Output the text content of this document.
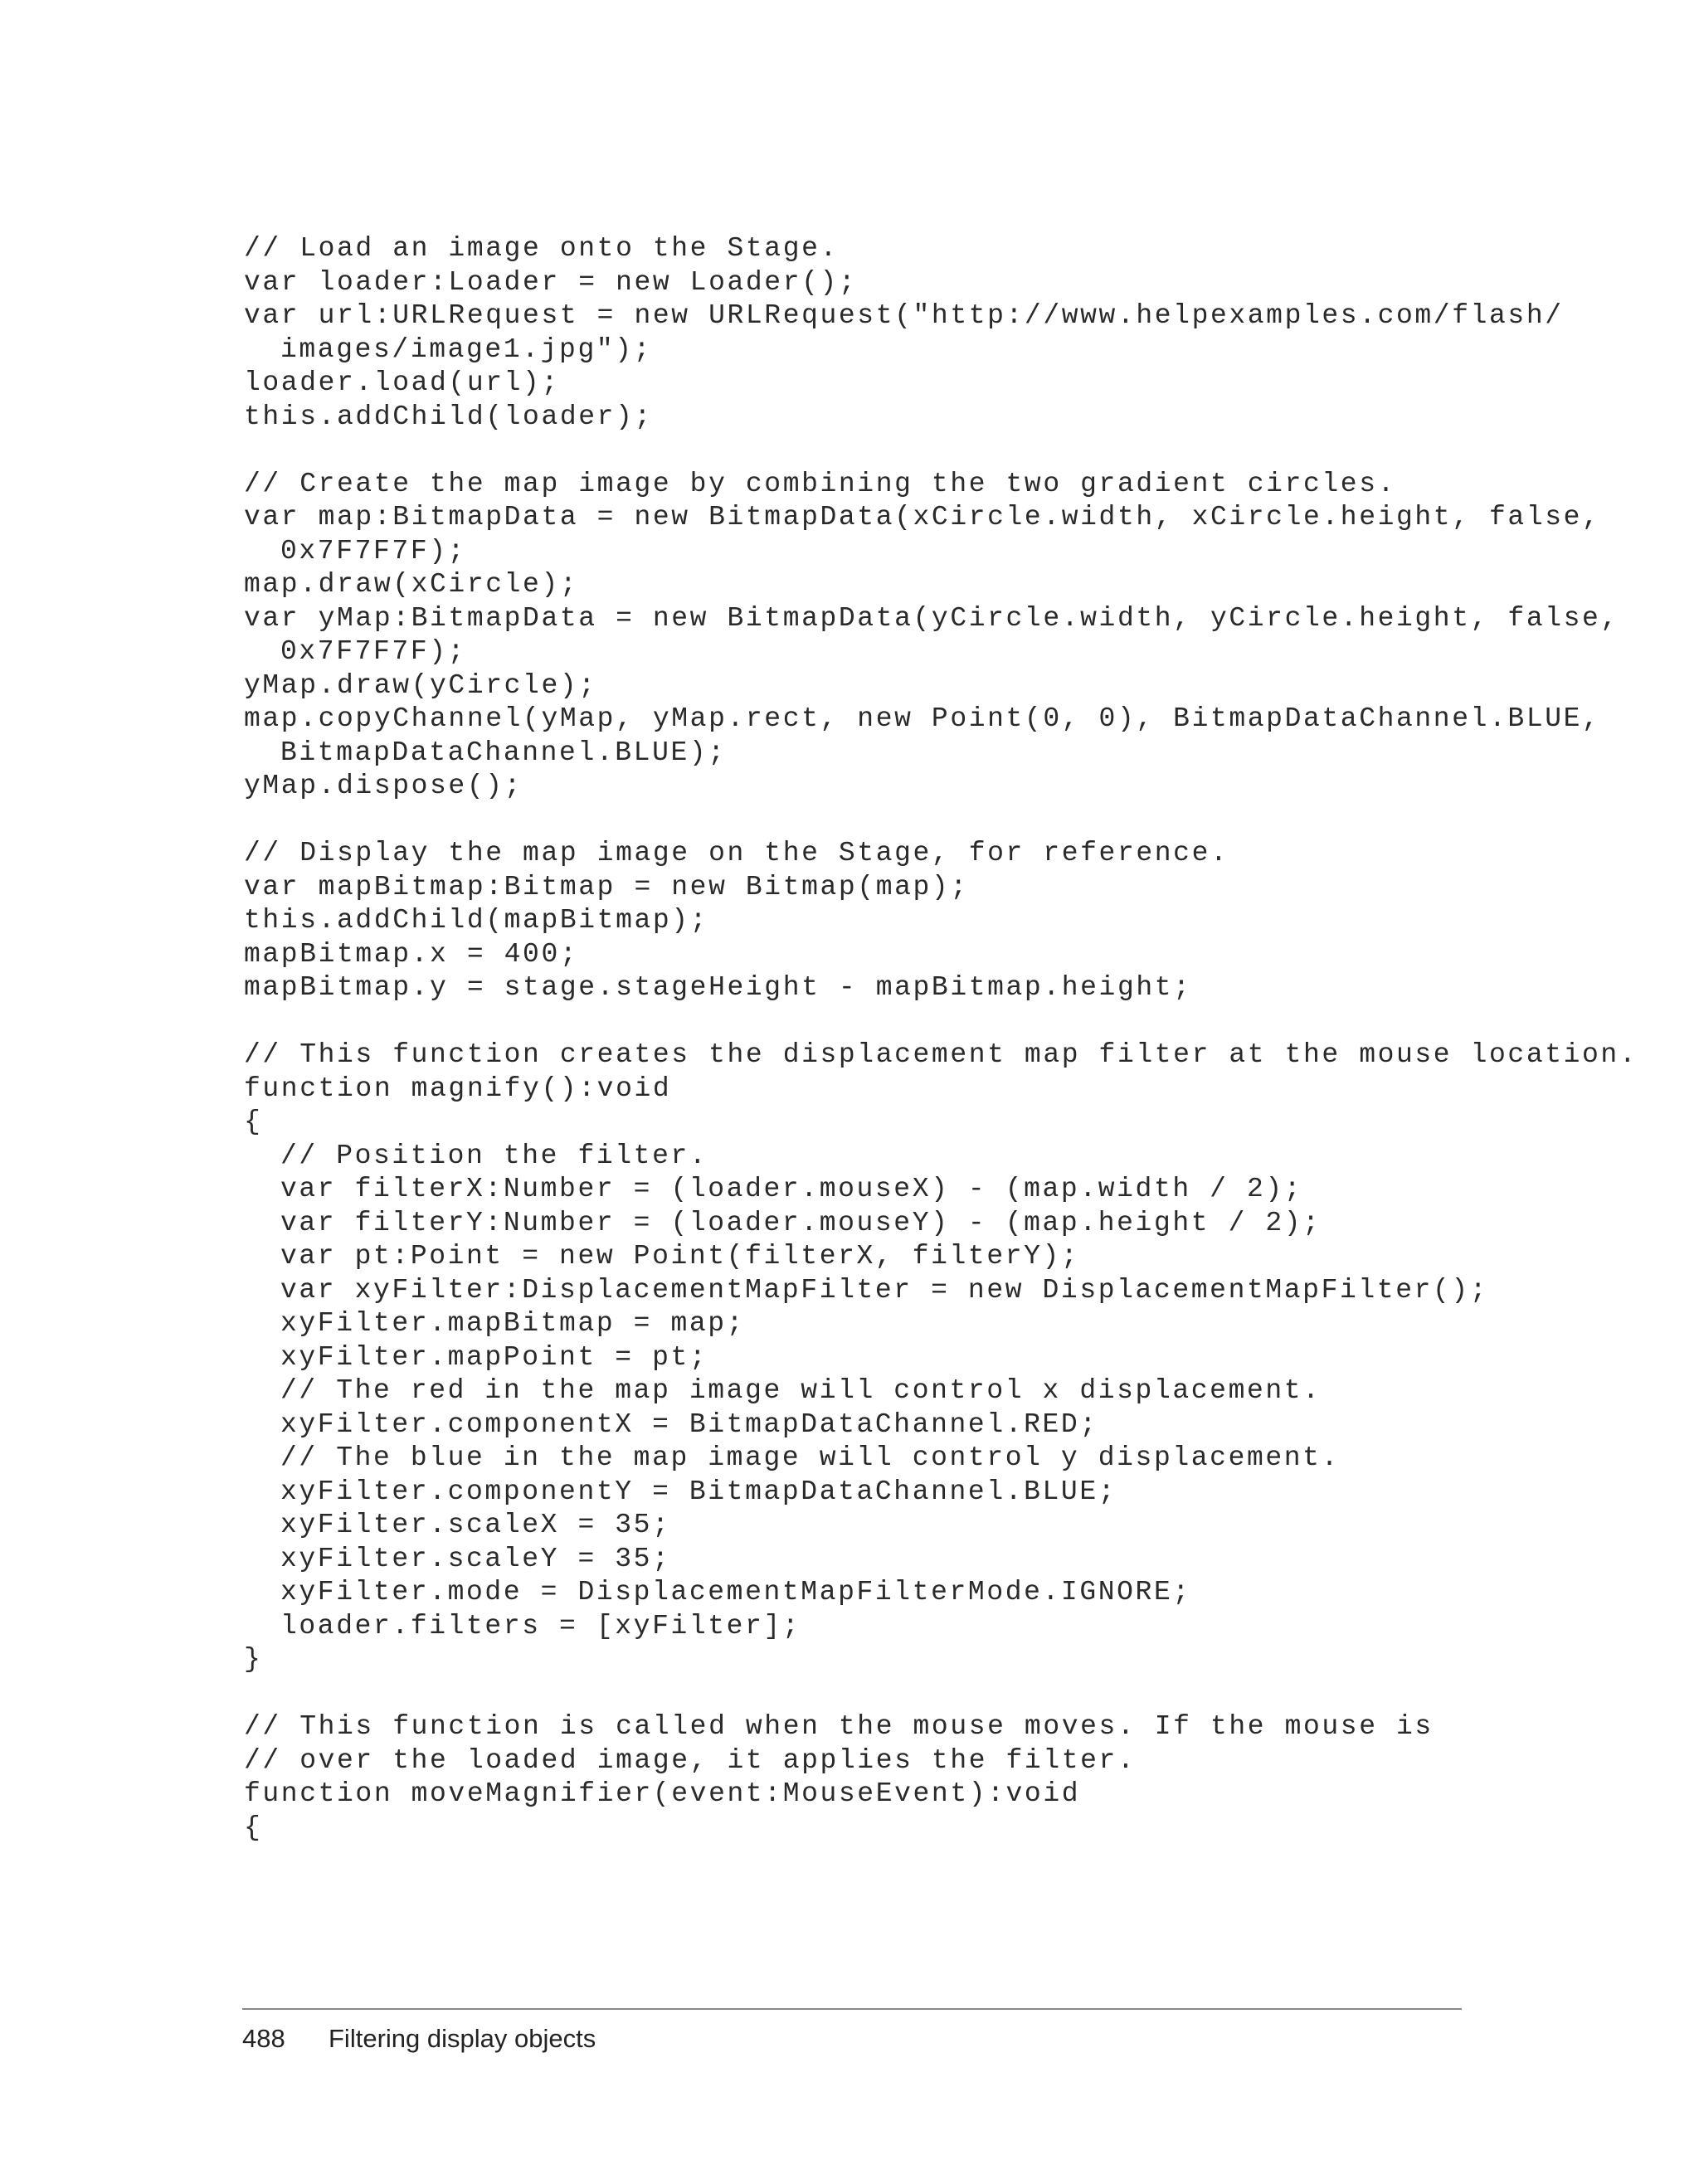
// Load an image onto the Stage.
var loader:Loader = new Loader();
var url:URLRequest = new URLRequest("http://www.helpexamples.com/flash/
images/image1.jpg");
loader.load(url);
this.addChild(loader);
// Create the map image by combining the two gradient circles.
var map:BitmapData = new BitmapData(xCircle.width, xCircle.height, false,
0x7F7F7F);
map.draw(xCircle);
var yMap:BitmapData = new BitmapData(yCircle.width, yCircle.height, false,
0x7F7F7F);
yMap.draw(yCircle);
map.copyChannel(yMap, yMap.rect, new Point(0, 0), BitmapDataChannel.BLUE,
BitmapDataChannel.BLUE);
yMap.dispose();
// Display the map image on the Stage, for reference.
var mapBitmap:Bitmap = new Bitmap(map);
this.addChild(mapBitmap);
mapBitmap.x = 400;
mapBitmap.y = stage.stageHeight - mapBitmap.height;
// This function creates the displacement map filter at the mouse location.
function magnify():void
{
// Position the filter.
var filterX:Number = (loader.mouseX) - (map.width / 2);
var filterY:Number = (loader.mouseY) - (map.height / 2);
var pt:Point = new Point(filterX, filterY);
var xyFilter:DisplacementMapFilter = new DisplacementMapFilter();
xyFilter.mapBitmap = map;
xyFilter.mapPoint = pt;
// The red in the map image will control x displacement.
xyFilter.componentX = BitmapDataChannel.RED;
// The blue in the map image will control y displacement.
xyFilter.componentY = BitmapDataChannel.BLUE;
xyFilter.scaleX = 35;
xyFilter.scaleY = 35;
xyFilter.mode = DisplacementMapFilterMode.IGNORE;
loader.filters = [xyFilter];
}
// This function is called when the mouse moves. If the mouse is
// over the loaded image, it applies the filter.
function moveMagnifier(event:MouseEvent):void
{
488 Filtering display objects
